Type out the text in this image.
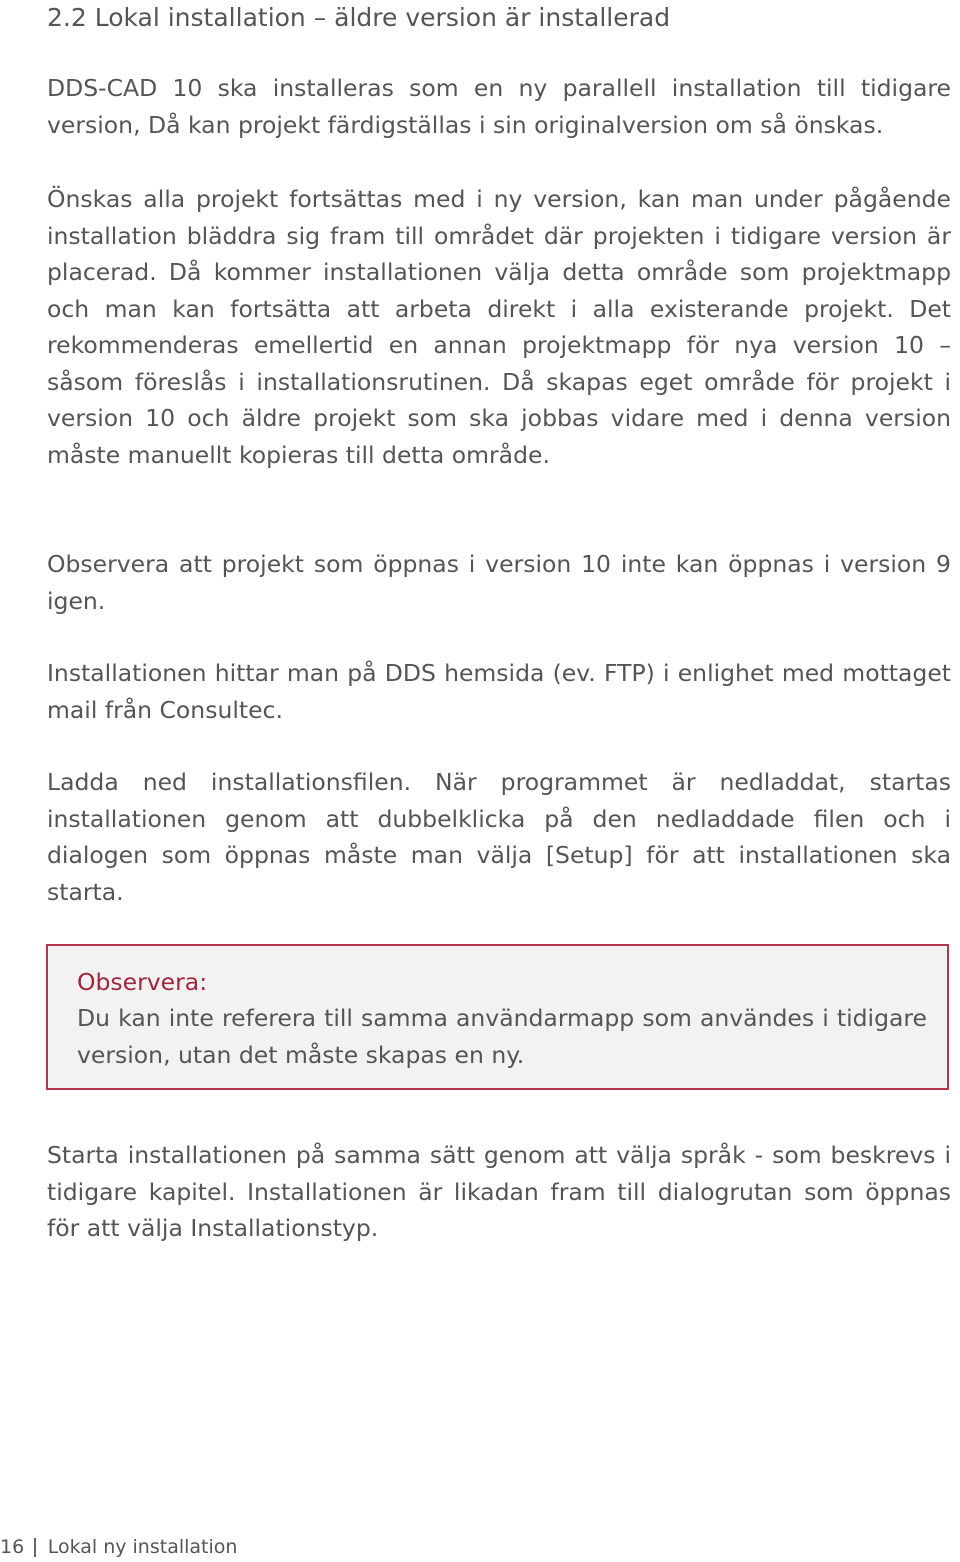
2.2 Lokal installation – äldre version är installerad

DDS-CAD 10 ska installeras som en ny parallell installation till tidigare version, Då kan projekt färdigställas i sin originalversion om så önskas.

Önskas alla projekt fortsättas med i ny version, kan man under pågående installation bläddra sig fram till området där projekten i tidigare version är placerad. Då kommer installationen välja detta område som projektmapp och man kan fortsätta att arbeta direkt i alla existerande projekt. Det rekommenderas emellertid en annan projektmapp för nya version 10 – såsom föreslås i installationsrutinen. Då skapas eget område för projekt i version 10 och äldre projekt som ska jobbas vidare med i denna version måste manuellt kopieras till detta område.

Observera att projekt som öppnas i version 10 inte kan öppnas i version 9 igen.

Installationen hittar man på DDS hemsida (ev. FTP) i enlighet med mottaget mail från Consultec.

Ladda ned installationsfilen. När programmet är nedladdat, startas installationen genom att dubbelklicka på den nedladdade filen och i dialogen som öppnas måste man välja [Setup] för att installationen ska starta.

Observera:

Du kan inte referera till samma användarmapp som användes i tidigare version, utan det måste skapas en ny.

Starta installationen på samma sätt genom att välja språk - som beskrevs i tidigare kapitel. Installationen är likadan fram till dialogrutan som öppnas för att välja Installationstyp.

16 Lokal ny installation
